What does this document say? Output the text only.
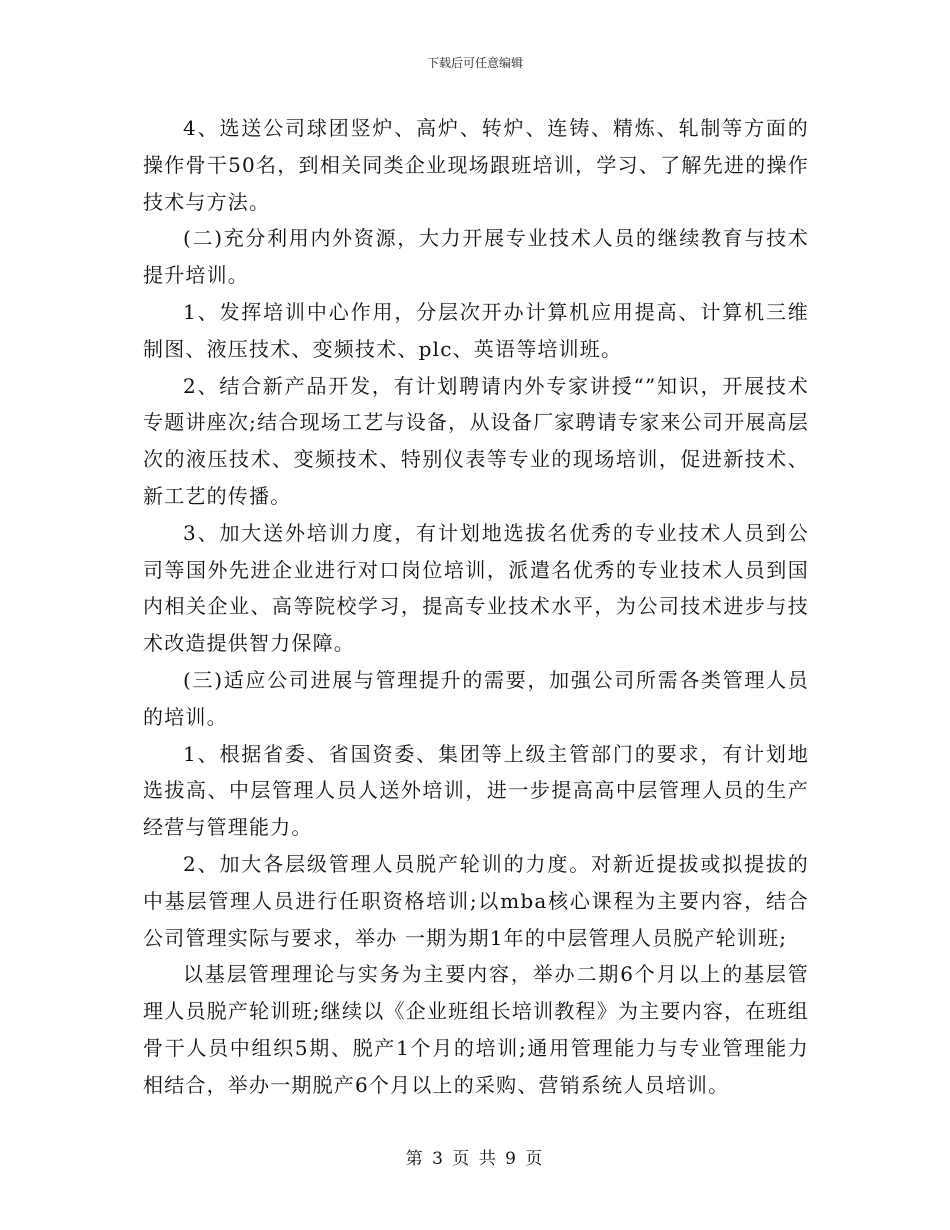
下载后可任意编辑

4、选送公司球团竖炉、高炉、转炉、连铸、精炼、轧制等方面的操作骨干50名，到相关同类企业现场跟班培训，学习、了解先进的操作技术与方法。

(二)充分利用内外资源，大力开展专业技术人员的继续教育与技术提升培训。

1、发挥培训中心作用，分层次开办计算机应用提高、计算机三维制图、液压技术、变频技术、plc、英语等培训班。

2、结合新产品开发，有计划聘请内外专家讲授“”知识，开展技术专题讲座次;结合现场工艺与设备，从设备厂家聘请专家来公司开展高层次的液压技术、变频技术、特别仪表等专业的现场培训，促进新技术、新工艺的传播。

3、加大送外培训力度，有计划地选拔名优秀的专业技术人员到公司等国外先进企业进行对口岗位培训，派遣名优秀的专业技术人员到国内相关企业、高等院校学习，提高专业技术水平，为公司技术进步与技术改造提供智力保障。

(三)适应公司进展与管理提升的需要，加强公司所需各类管理人员的培训。

1、根据省委、省国资委、集团等上级主管部门的要求，有计划地选拔高、中层管理人员人送外培训，进一步提高高中层管理人员的生产经营与管理能力。

2、加大各层级管理人员脱产轮训的力度。对新近提拔或拟提拔的中基层管理人员进行任职资格培训;以mba核心课程为主要内容，结合公司管理实际与要求，举办 一期为期1年的中层管理人员脱产轮训班;

以基层管理理论与实务为主要内容，举办二期6个月以上的基层管理人员脱产轮训班;继续以《企业班组长培训教程》为主要内容，在班组骨干人员中组织5期、脱产1个月的培训;通用管理能力与专业管理能力相结合，举办一期脱产6个月以上的采购、营销系统人员培训。

第 3 页 共 9 页
